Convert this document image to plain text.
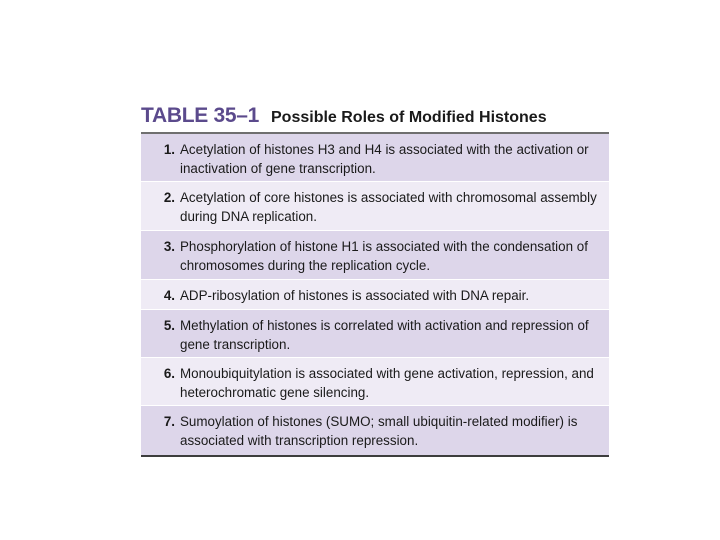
TABLE 35–1 Possible Roles of Modified Histones
1. Acetylation of histones H3 and H4 is associated with the activation or inactivation of gene transcription.
2. Acetylation of core histones is associated with chromosomal assembly during DNA replication.
3. Phosphorylation of histone H1 is associated with the condensation of chromosomes during the replication cycle.
4. ADP-ribosylation of histones is associated with DNA repair.
5. Methylation of histones is correlated with activation and repression of gene transcription.
6. Monoubiquitylation is associated with gene activation, repression, and heterochromatic gene silencing.
7. Sumoylation of histones (SUMO; small ubiquitin-related modifier) is associated with transcription repression.
